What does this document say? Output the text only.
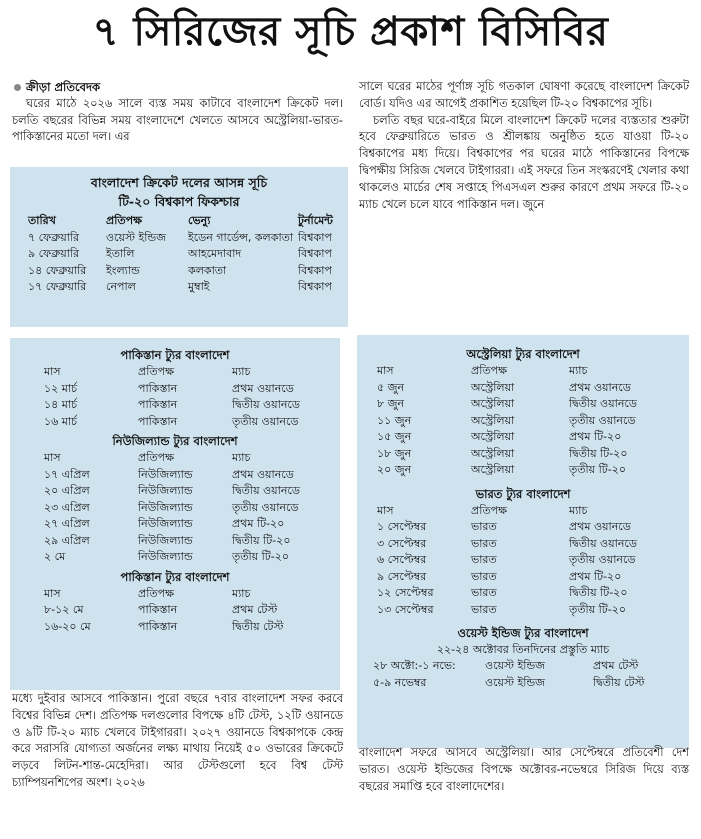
৭ সিরিজের সূচি প্রকাশ বিসিবির

ক্রীড়া প্রতিবেদক

ঘরের মাঠে ২০২৬ সালে ব্যস্ত সময় কাটাবে বাংলাদেশ ক্রিকেট দল। চলতি বছরের বিভিন্ন সময় বাংলাদেশে খেলতে আসবে অস্ট্রেলিয়া-ভারত-পাকিস্তানের মতো দল। এর

সালে ঘরের মাঠের পূর্ণাঙ্গ সূচি গতকাল ঘোষণা করেছে বাংলাদেশ ক্রিকেট বোর্ড। যদিও এর আগেই প্রকাশিত হয়েছিল টি-২০ বিশ্বকাপের সূচি।

চলতি বছর ঘরে-বাইরে মিলে বাংলাদেশ ক্রিকেট দলের ব্যস্ততার শুরুটা হবে ফেব্রুয়ারিতে ভারত ও শ্রীলঙ্কায় অনুষ্ঠিত হতে যাওয়া টি-২০ বিশ্বকাপের মধ্য দিয়ে। বিশ্বকাপের পর ঘরের মাঠে পাকিস্তানের বিপক্ষে দ্বিপক্ষীয় সিরিজ খেলবে টাইগাররা। এই সফরে তিন সংস্করণেই খেলার কথা থাকলেও মার্চের শেষ সপ্তাহে পিএসএল শুরুর কারণে প্রথম সফরে টি-২০ ম্যাচ খেলে চলে যাবে পাকিস্তান দল। জুনে

বাংলাদেশ ক্রিকেট দলের আসন্ন সূচি
টি-২০ বিশ্বকাপ ফিকশ্চার
তারিখ	প্রতিপক্ষ	ভেন্যু	টুর্নামেন্ট
৭ ফেব্রুয়ারি	ওয়েস্ট ইন্ডিজ	ইডেন গার্ডেন্স, কলকাতা	বিশ্বকাপ
৯ ফেব্রুয়ারি	ইতালি	আহমেদাবাদ	বিশ্বকাপ
১৪ ফেব্রুয়ারি	ইংল্যান্ড	কলকাতা	বিশ্বকাপ
১৭ ফেব্রুয়ারি	নেপাল	মুম্বাই	বিশ্বকাপ
পাকিস্তান ট্যুর বাংলাদেশ
মাস	প্রতিপক্ষ	ম্যাচ
১২ মার্চ	পাকিস্তান	প্রথম ওয়ানডে
১৪ মার্চ	পাকিস্তান	দ্বিতীয় ওয়ানডে
১৬ মার্চ	পাকিস্তান	তৃতীয় ওয়ানডে
নিউজিল্যান্ড ট্যুর বাংলাদেশ
মাস	প্রতিপক্ষ	ম্যাচ
১৭ এপ্রিল	নিউজিল্যান্ড	প্রথম ওয়ানডে
২০ এপ্রিল	নিউজিল্যান্ড	দ্বিতীয় ওয়ানডে
২৩ এপ্রিল	নিউজিল্যান্ড	তৃতীয় ওয়ানডে
২৭ এপ্রিল	নিউজিল্যান্ড	প্রথম টি-২০
২৯ এপ্রিল	নিউজিল্যান্ড	দ্বিতীয় টি-২০
২ মে	নিউজিল্যান্ড	তৃতীয় টি-২০
পাকিস্তান ট্যুর বাংলাদেশ
মাস	প্রতিপক্ষ	ম্যাচ
৮-১২ মে	পাকিস্তান	প্রথম টেস্ট
১৬-২০ মে	পাকিস্তান	দ্বিতীয় টেস্ট
অস্ট্রেলিয়া ট্যুর বাংলাদেশ
মাস	প্রতিপক্ষ	ম্যাচ
৫ জুন	অস্ট্রেলিয়া	প্রথম ওয়ানডে
৮ জুন	অস্ট্রেলিয়া	দ্বিতীয় ওয়ানডে
১১ জুন	অস্ট্রেলিয়া	তৃতীয় ওয়ানডে
১৫ জুন	অস্ট্রেলিয়া	প্রথম টি-২০
১৮ জুন	অস্ট্রেলিয়া	দ্বিতীয় টি-২০
২০ জুন	অস্ট্রেলিয়া	তৃতীয় টি-২০
ভারত ট্যুর বাংলাদেশ
মাস	প্রতিপক্ষ	ম্যাচ
১ সেপ্টেম্বর	ভারত	প্রথম ওয়ানডে
৩ সেপ্টেম্বর	ভারত	দ্বিতীয় ওয়ানডে
৬ সেপ্টেম্বর	ভারত	তৃতীয় ওয়ানডে
৯ সেপ্টেম্বর	ভারত	প্রথম টি-২০
১২ সেপ্টেম্বর	ভারত	দ্বিতীয় টি-২০
১৩ সেপ্টেম্বর	ভারত	তৃতীয় টি-২০
ওয়েস্ট ইন্ডিজ ট্যুর বাংলাদেশ
২২-২৪ অক্টোবর তিনদিনের প্রস্তুতি ম্যাচ
২৮ অক্টো:-১ নভে:	ওয়েস্ট ইন্ডিজ	প্রথম টেস্ট
৫-৯ নভেম্বর	ওয়েস্ট ইন্ডিজ	দ্বিতীয় টেস্ট

মধ্যে দুইবার আসবে পাকিস্তান। পুরো বছরে ৭বার বাংলাদেশ সফর করবে বিশ্বের বিভিন্ন দেশ। প্রতিপক্ষ দলগুলোর বিপক্ষে ৪টি টেস্ট, ১২টি ওয়ানডে ও ৯টি টি-২০ ম্যাচ খেলবে টাইগাররা। ২০২৭ ওয়ানডে বিশ্বকাপকে কেন্দ্র করে সরাসরি যোগ্যতা অর্জনের লক্ষ্য মাথায় নিয়েই ৫০ ওভারের ক্রিকেটে লড়বে লিটন-শান্ত-মেহেদিরা। আর টেস্টগুলো হবে বিশ্ব টেস্ট চ্যাম্পিয়নশিপের অংশ। ২০২৬

বাংলাদেশ সফরে আসবে অস্ট্রেলিয়া। আর সেপ্টেম্বরে প্রতিবেশী দেশ ভারত। ওয়েস্ট ইন্ডিজের বিপক্ষে অক্টোবর-নভেম্বরে সিরিজ দিয়ে ব্যস্ত বছরের সমাপ্তি হবে বাংলাদেশের।
